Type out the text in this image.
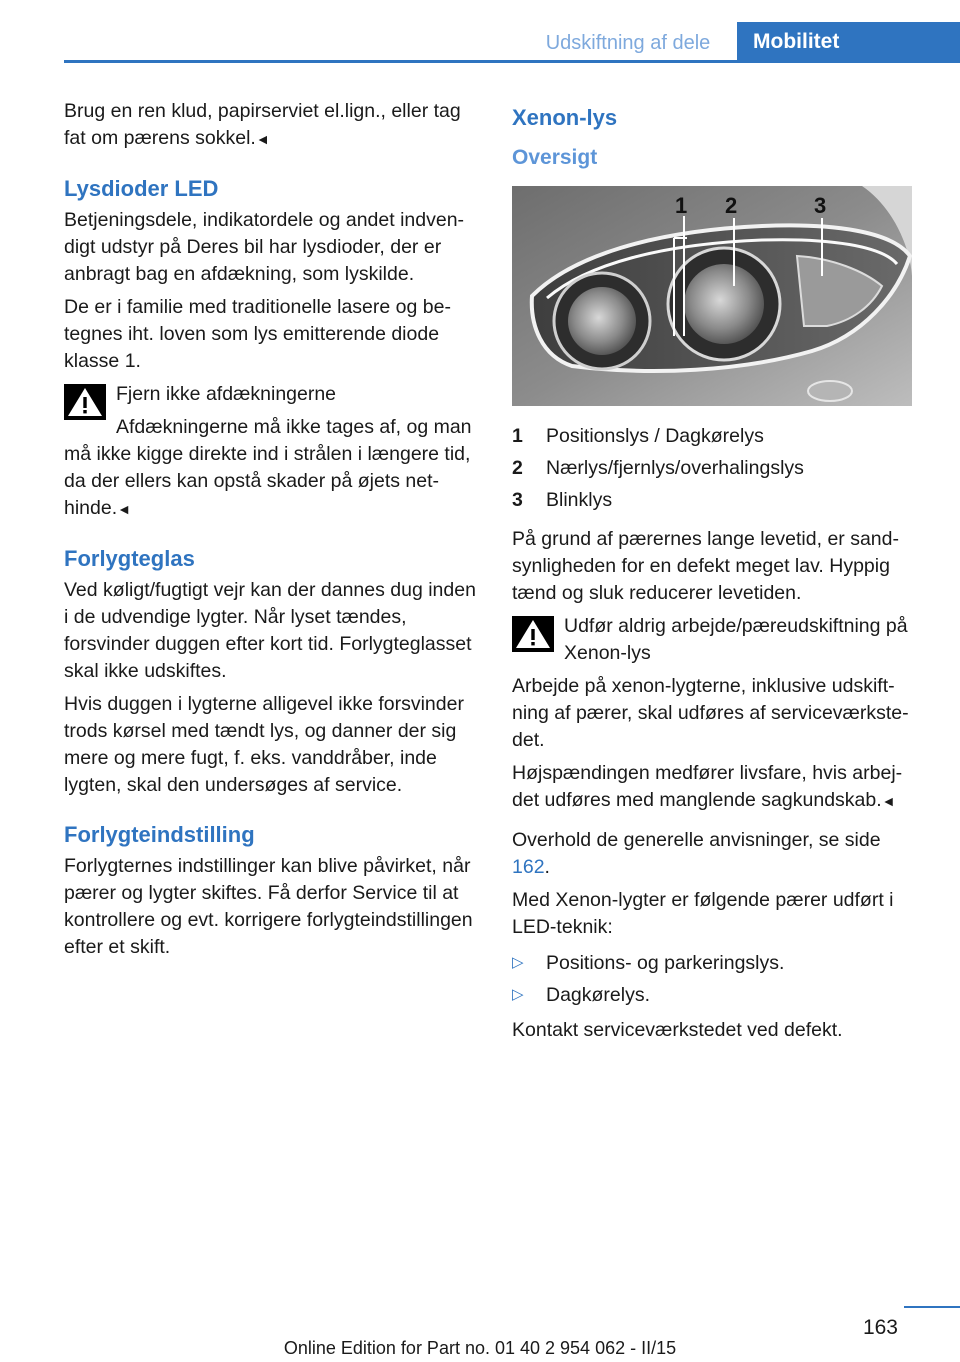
Udskiftning af dele	Mobilitet

Brug en ren klud, papirserviet el.lign., eller tag fat om pærens sokkel.◄

Lysdioder LED

Betjeningsdele, indikatordele og andet indvendigt udstyr på Deres bil har lysdioder, der er anbragt bag en afdækning, som lyskilde.

De er i familie med traditionelle lasere og betegnes iht. loven som lys emitterende diode klasse 1.

Fjern ikke afdækningerne

Afdækningerne må ikke tages af, og man må ikke kigge direkte ind i strålen i længere tid, da der ellers kan opstå skader på øjets nethinde.◄

Forlygteglas

Ved køligt/fugtigt vejr kan der dannes dug inden i de udvendige lygter. Når lyset tændes, forsvinder duggen efter kort tid. Forlygteglasset skal ikke udskiftes.

Hvis duggen i lygterne alligevel ikke forsvinder trods kørsel med tændt lys, og danner der sig mere og mere fugt, f. eks. vanddråber, inde lygten, skal den undersøges af service.

Forlygteindstilling

Forlygternes indstillinger kan blive påvirket, når pærer og lygter skiftes. Få derfor Service til at kontrollere og evt. korrigere forlygteindstillingen efter et skift.

Xenon-lys
Oversigt
1 2	3
1	Positionslys / Dagkørelys
2	Nærlys/fjernlys/overhalingslys
3	Blinklys

På grund af pærernes lange levetid, er sandsynligheden for en defekt meget lav. Hyppig tænd og sluk reducerer levetiden.

Udfør aldrig arbejde/pæreudskiftning på Xenon-lys

Arbejde på xenon-lygterne, inklusive udskiftning af pærer, skal udføres af serviceværkstedet.

Højspændingen medfører livsfare, hvis arbejdet udføres med manglende sagkundskab.◄

Overhold de generelle anvisninger, se side 162.

Med Xenon-lygter er følgende pærer udført i LED-teknik:

▷	Positions- og parkeringslys.
▷	Dagkørelys.

Kontakt serviceværkstedet ved defekt.

163
Online Edition for Part no. 01 40 2 954 062 - II/15
